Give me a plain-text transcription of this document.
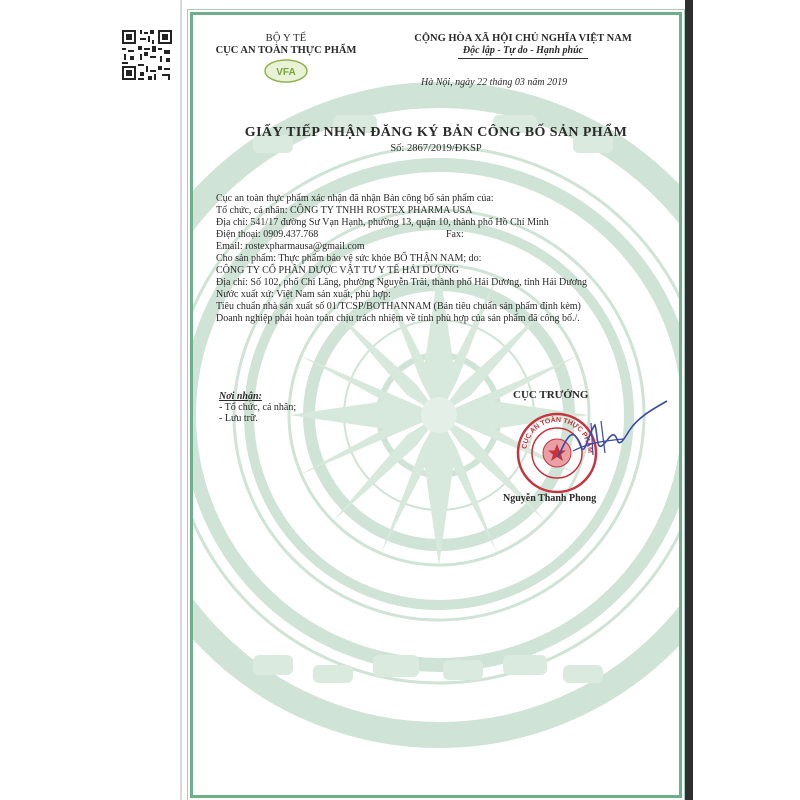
BỘ Y TẾ
CỤC AN TOÀN THỰC PHẨM
VFA
CỘNG HÒA XÃ HỘI CHỦ NGHĨA VIỆT NAM
Độc lập - Tự do - Hạnh phúc
Hà Nội, ngày 22 tháng 03 năm 2019
GIẤY TIẾP NHẬN ĐĂNG KÝ BẢN CÔNG BỐ SẢN PHẨM
Số: 2867/2019/ĐKSP
Cục an toàn thực phẩm xác nhận đã nhận Bản công bố sản phẩm của:
Tổ chức, cá nhân: CÔNG TY TNHH ROSTEX PHARMA USA
Địa chỉ: 541/17 đường Sư Vạn Hạnh, phường 13, quận 10, thành phố Hồ Chí Minh
Điện thoại: 0909.437.768	Fax:
Email: rostexpharmausa@gmail.com
Cho sản phẩm: Thực phẩm bảo vệ sức khỏe BỔ THẬN NAM; do:
CÔNG TY CỔ PHẦN DƯỢC VẬT TƯ Y TẾ HẢI DƯƠNG
Địa chỉ: Số 102, phố Chi Lăng, phường Nguyễn Trãi, thành phố Hải Dương, tỉnh Hải Dương
Nước xuất xứ: Việt Nam sản xuất, phù hợp:
Tiêu chuẩn nhà sản xuất số 01/TCSP/BOTHANNAM (Bản tiêu chuẩn sản phẩm đính kèm)
Doanh nghiệp phải hoàn toàn chịu trách nhiệm về tính phù hợp của sản phẩm đã công bố./.
Nơi nhận:
- Tổ chức, cá nhân;
- Lưu trữ.
CỤC TRƯỞNG
CỤC AN TOÀN THỰC PHẨM
Nguyễn Thanh Phong
